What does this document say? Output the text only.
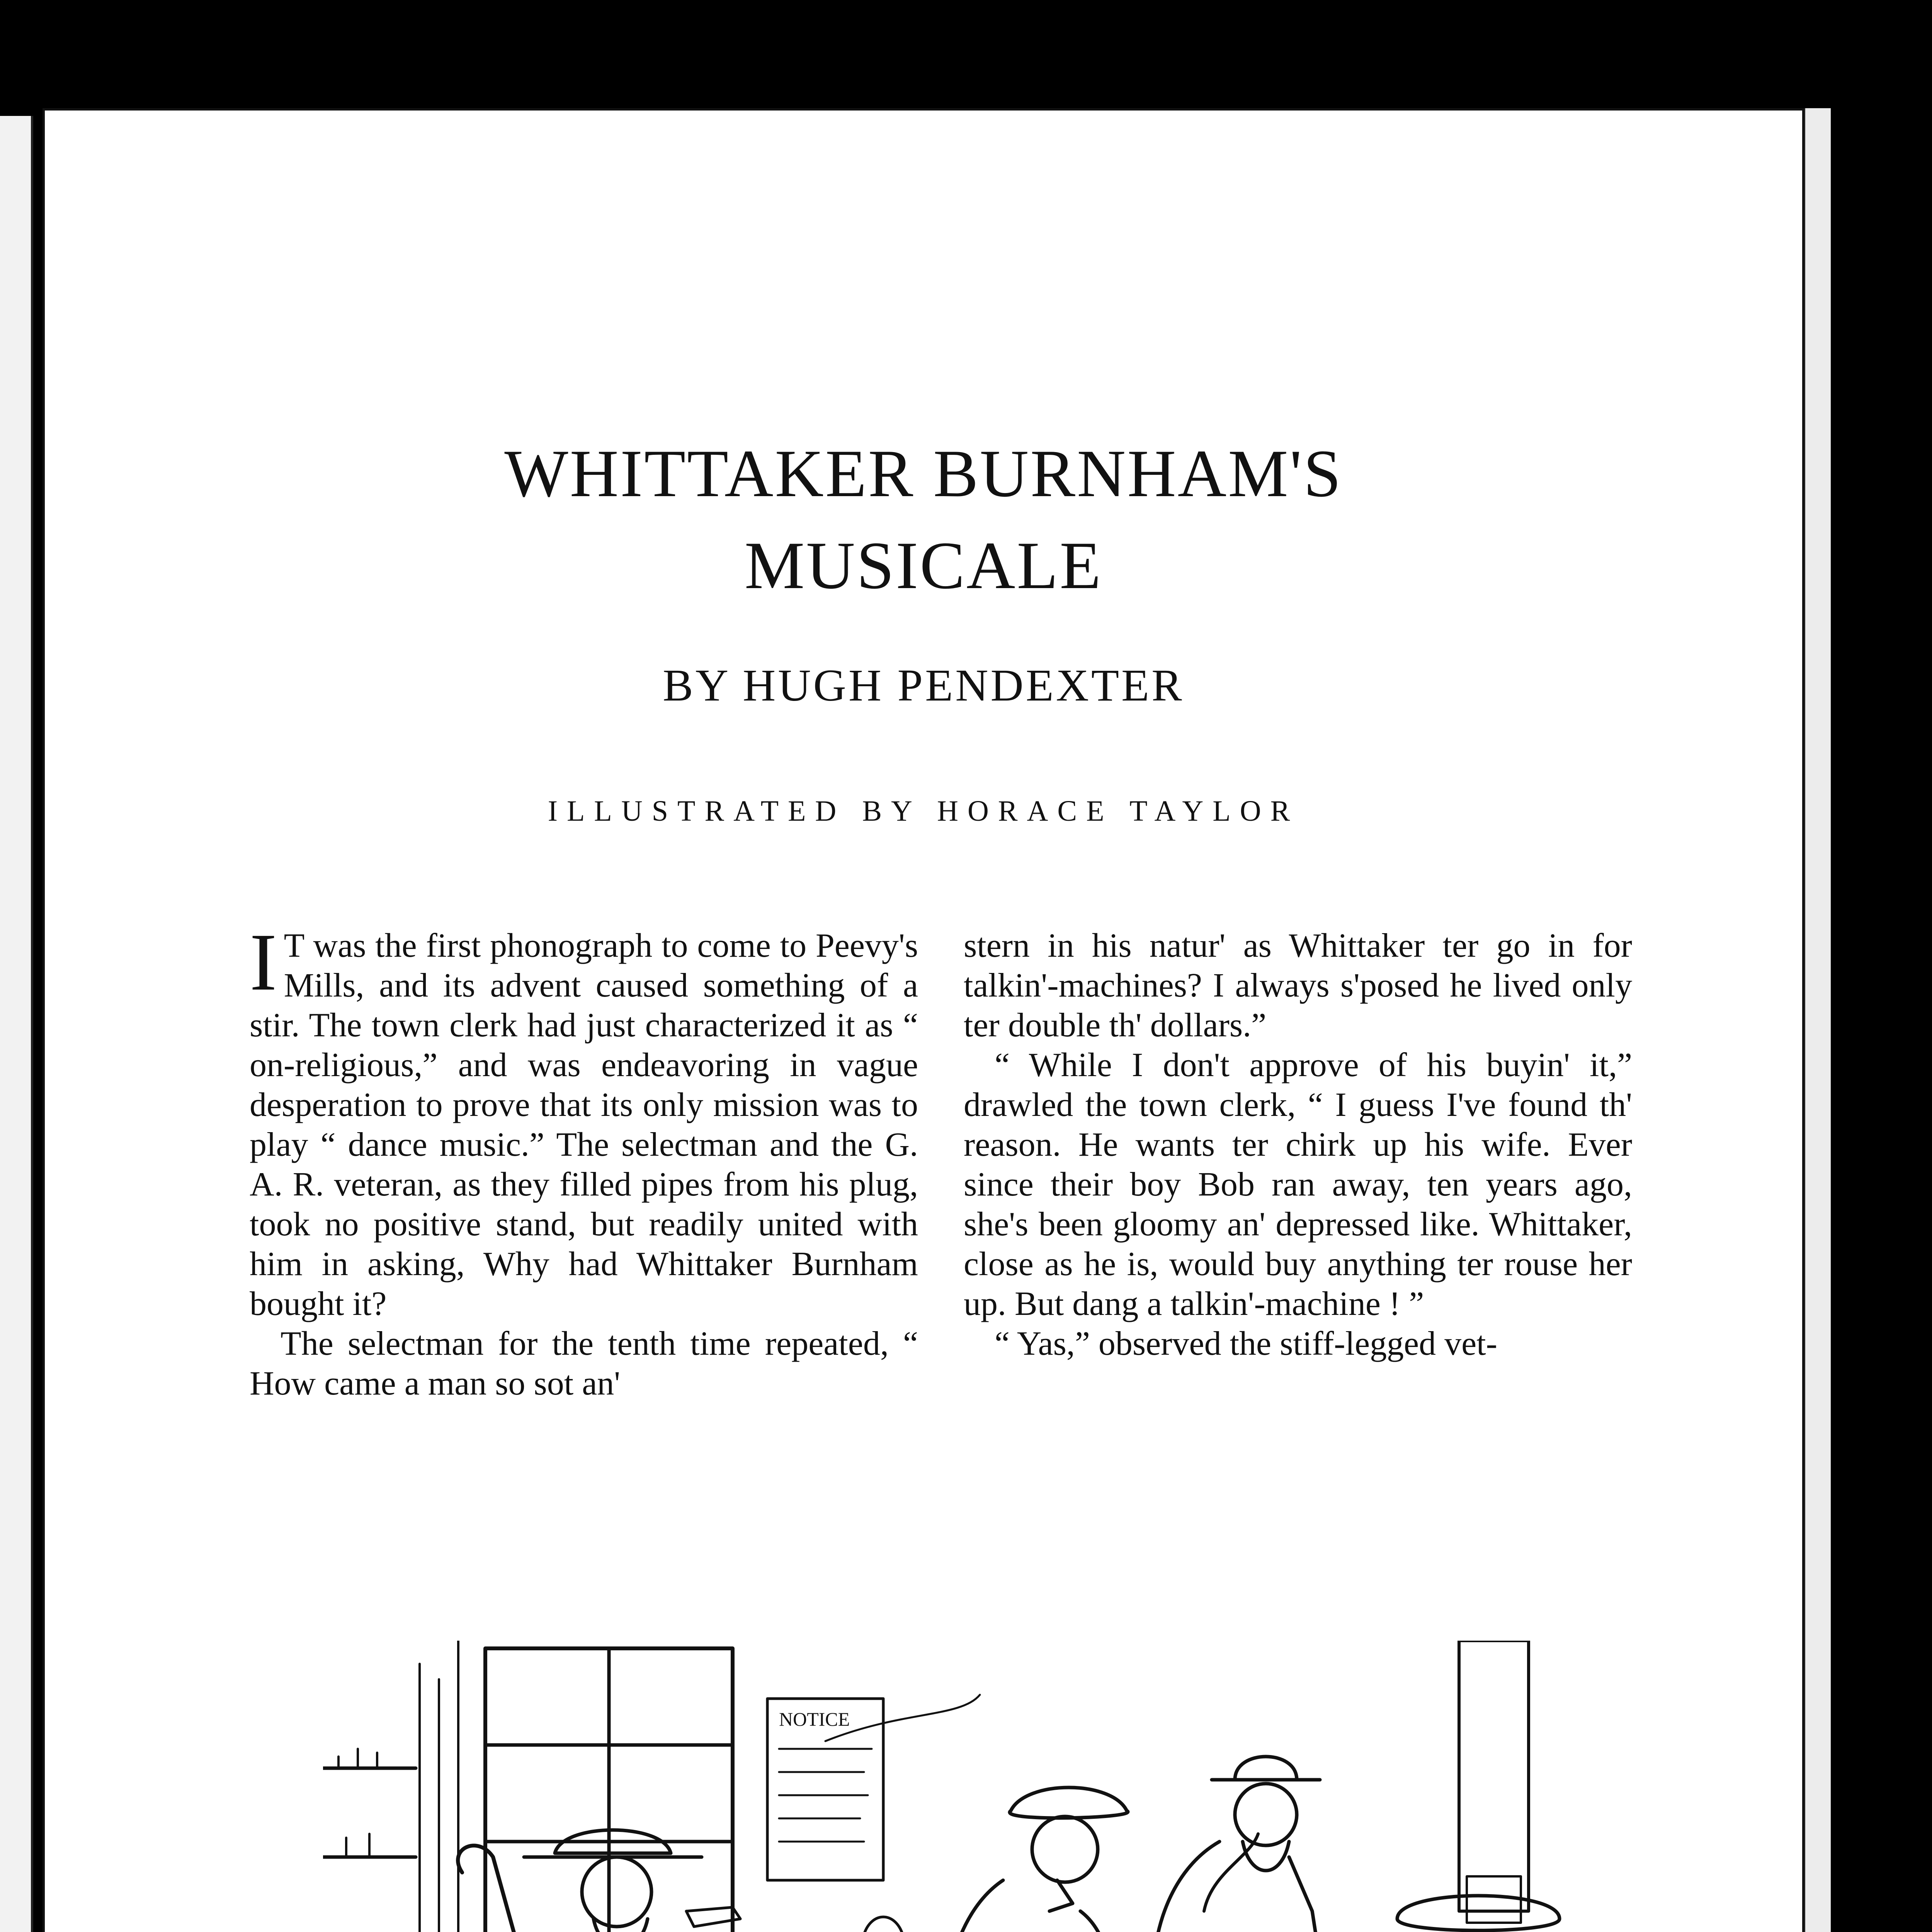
WHITTAKER BURNHAM'S
MUSICALE
BY HUGH PENDEXTER
ILLUSTRATED BY HORACE TAYLOR

I T was the first phonograph to come to Peevy's Mills, and its advent caused something of a stir. The town clerk had just characterized it as “ on-religious,” and was endeavoring in vague desperation to prove that its only mission was to play “ dance music.” The selectman and the G. A. R. veteran, as they filled pipes from his plug, took no positive stand, but readily united with him in asking, Why had Whittaker Burnham bought it?

The selectman for the tenth time repeated, “ How came a man so sot an'

stern in his natur' as Whittaker ter go in for talkin'-machines? I always s'posed he lived only ter double th' dollars.”

“ While I don't approve of his buyin' it,” drawled the town clerk, “ I guess I've found th' reason. He wants ter chirk up his wife. Ever since their boy Bob ran away, ten years ago, she's been gloomy an' depressed like. Whittaker, close as he is, would buy anything ter rouse her up. But dang a talkin'-machine ! ”

“ Yas,” observed the stiff-legged vet-

NOTICE
